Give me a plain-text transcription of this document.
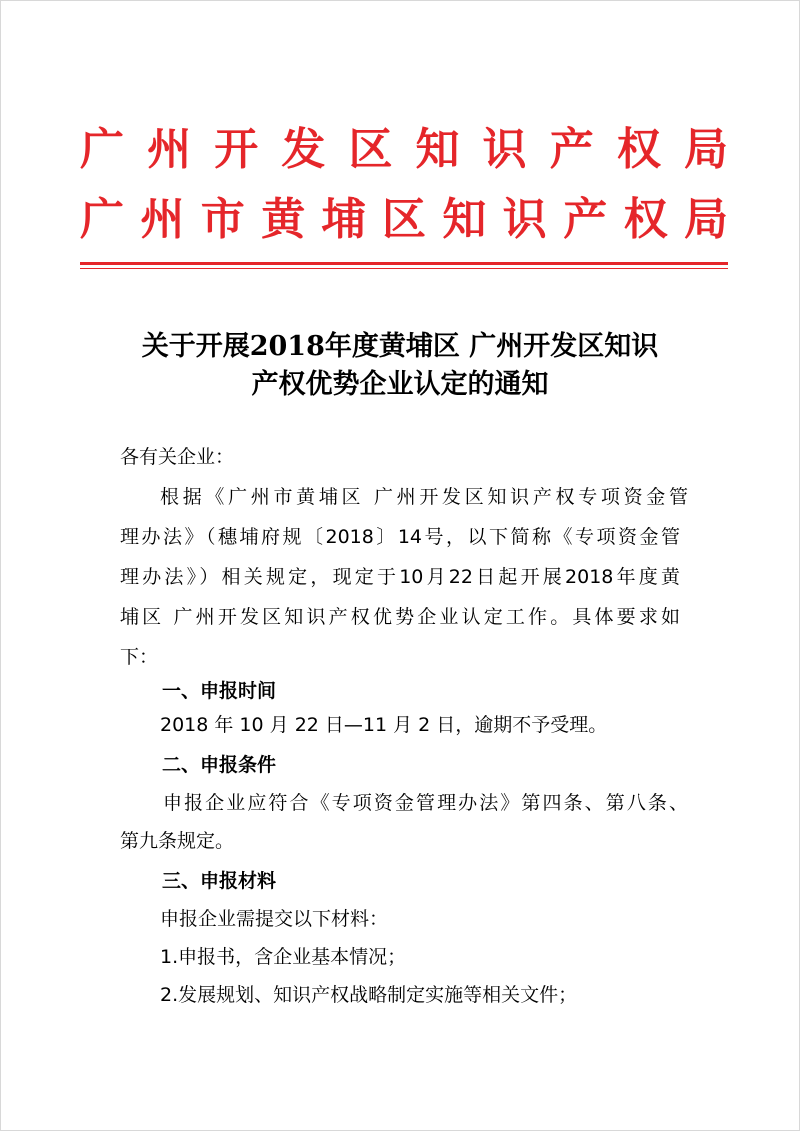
广州开发区知识产权局
广州市黄埔区知识产权局
关于开展2018年度黄埔区 广州开发区知识
产权优势企业认定的通知
各有关企业：
根据《广州市黄埔区 广州开发区知识产权专项资金管
理办法》（穗埔府规〔2018〕14号，以下简称《专项资金管
理办法》）相关规定，现定于10月22日起开展2018年度黄
埔区 广州开发区知识产权优势企业认定工作。具体要求如
下：
一、申报时间
2018 年 10 月 22 日—11 月 2 日，逾期不予受理。
二、申报条件
申报企业应符合《专项资金管理办法》第四条、第八条、
第九条规定。
三、申报材料
申报企业需提交以下材料：
1.申报书，含企业基本情况；
2.发展规划、知识产权战略制定实施等相关文件；
